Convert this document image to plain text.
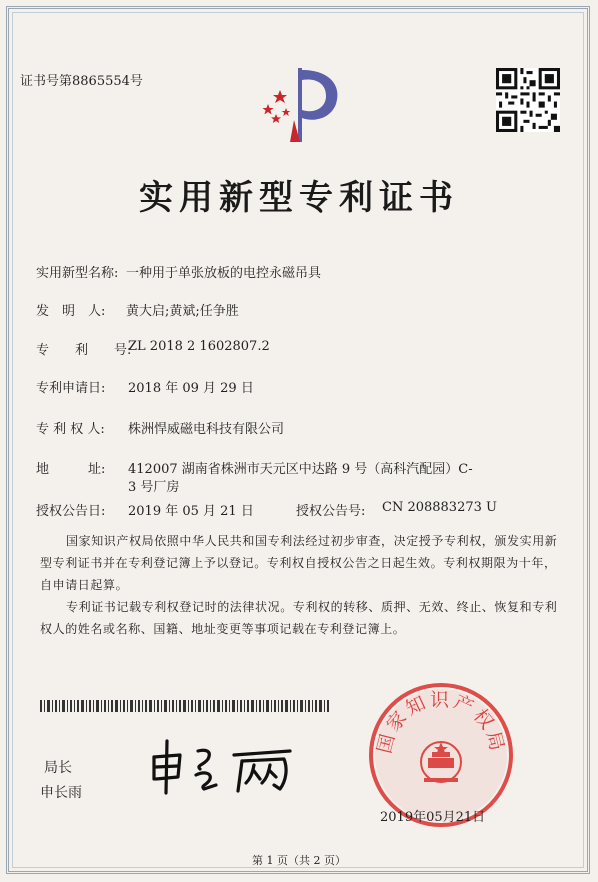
证书号第8865554号
实用新型专利证书
实用新型名称: 一种用于单张放板的电控永磁吊具
发　明　人: 黄大启;黄斌;任争胜
专　　利　　号:
ZL 2018 2 1602807.2
专利申请日: 2018 年 09 月 29 日
专 利 权 人: 株洲悍威磁电科技有限公司
地　　　址: 412007 湖南省株洲市天元区中达路 9 号（高科汽配园）C-
3 号厂房
授权公告日: 2019 年 05 月 21 日	授权公告号: CN 208883273 U
国家知识产权局依照中华人民共和国专利法经过初步审查，决定授予专利权，颁发实用新型专利证书并在专利登记簿上予以登记。专利权自授权公告之日起生效。专利权期限为十年，自申请日起算。
专利证书记载专利权登记时的法律状况。专利权的转移、质押、无效、终止、恢复和专利权人的姓名或名称、国籍、地址变更等事项记载在专利登记簿上。
局长
申长雨
国家知识产权局
2019年05月21日
第 1 页（共 2 页）
